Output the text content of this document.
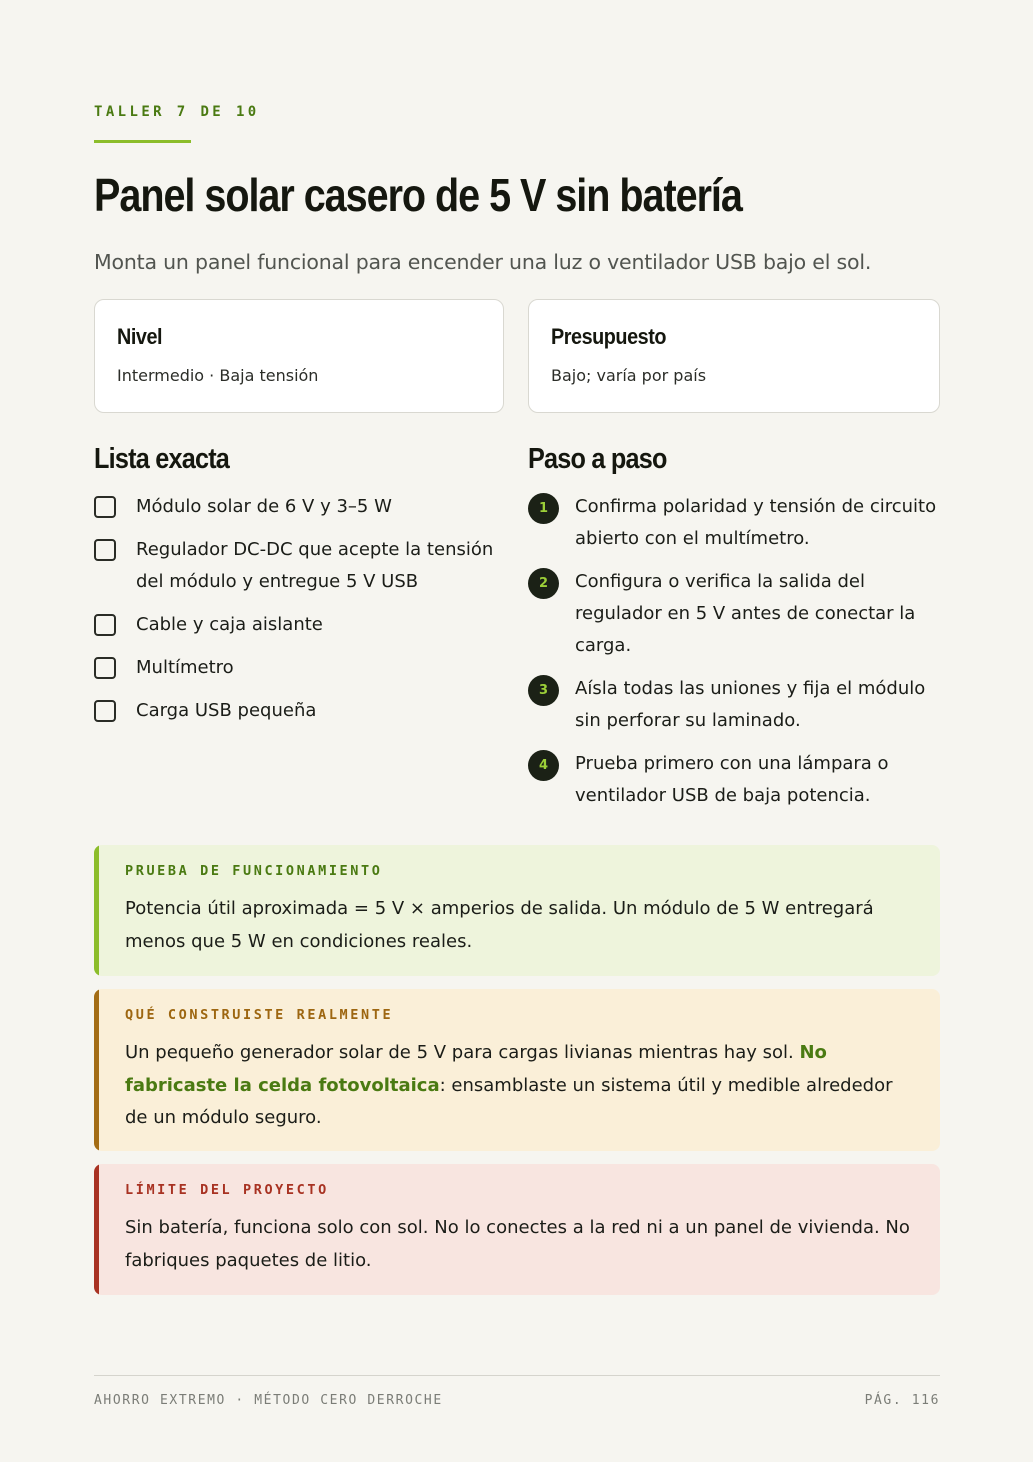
TALLER 7 DE 10
Panel solar casero de 5 V sin batería

Monta un panel funcional para encender una luz o ventilador USB bajo el sol.

Nivel
Intermedio · Baja tensión
Presupuesto
Bajo; varía por país
Lista exacta
Módulo solar de 6 V y 3–5 W
Regulador DC-DC que acepte la tensión del módulo y entregue 5 V USB
Cable y caja aislante
Multímetro
Carga USB pequeña
Paso a paso
1	Confirma polaridad y tensión de circuito abierto con el multímetro.
2	Configura o verifica la salida del regulador en 5 V antes de conectar la carga.
3	Aísla todas las uniones y fija el módulo sin perforar su laminado.
4	Prueba primero con una lámpara o ventilador USB de baja potencia.
PRUEBA DE FUNCIONAMIENTO
Potencia útil aproximada = 5 V × amperios de salida. Un módulo de 5 W entregará menos que 5 W en condiciones reales.
QUÉ CONSTRUISTE REALMENTE
Un pequeño generador solar de 5 V para cargas livianas mientras hay sol. No fabricaste la celda fotovoltaica: ensamblaste un sistema útil y medible alrededor de un módulo seguro.
LÍMITE DEL PROYECTO
Sin batería, funciona solo con sol. No lo conectes a la red ni a un panel de vivienda. No fabriques paquetes de litio.
AHORRO EXTREMO · MÉTODO CERO DERROCHE	PÁG. 116
